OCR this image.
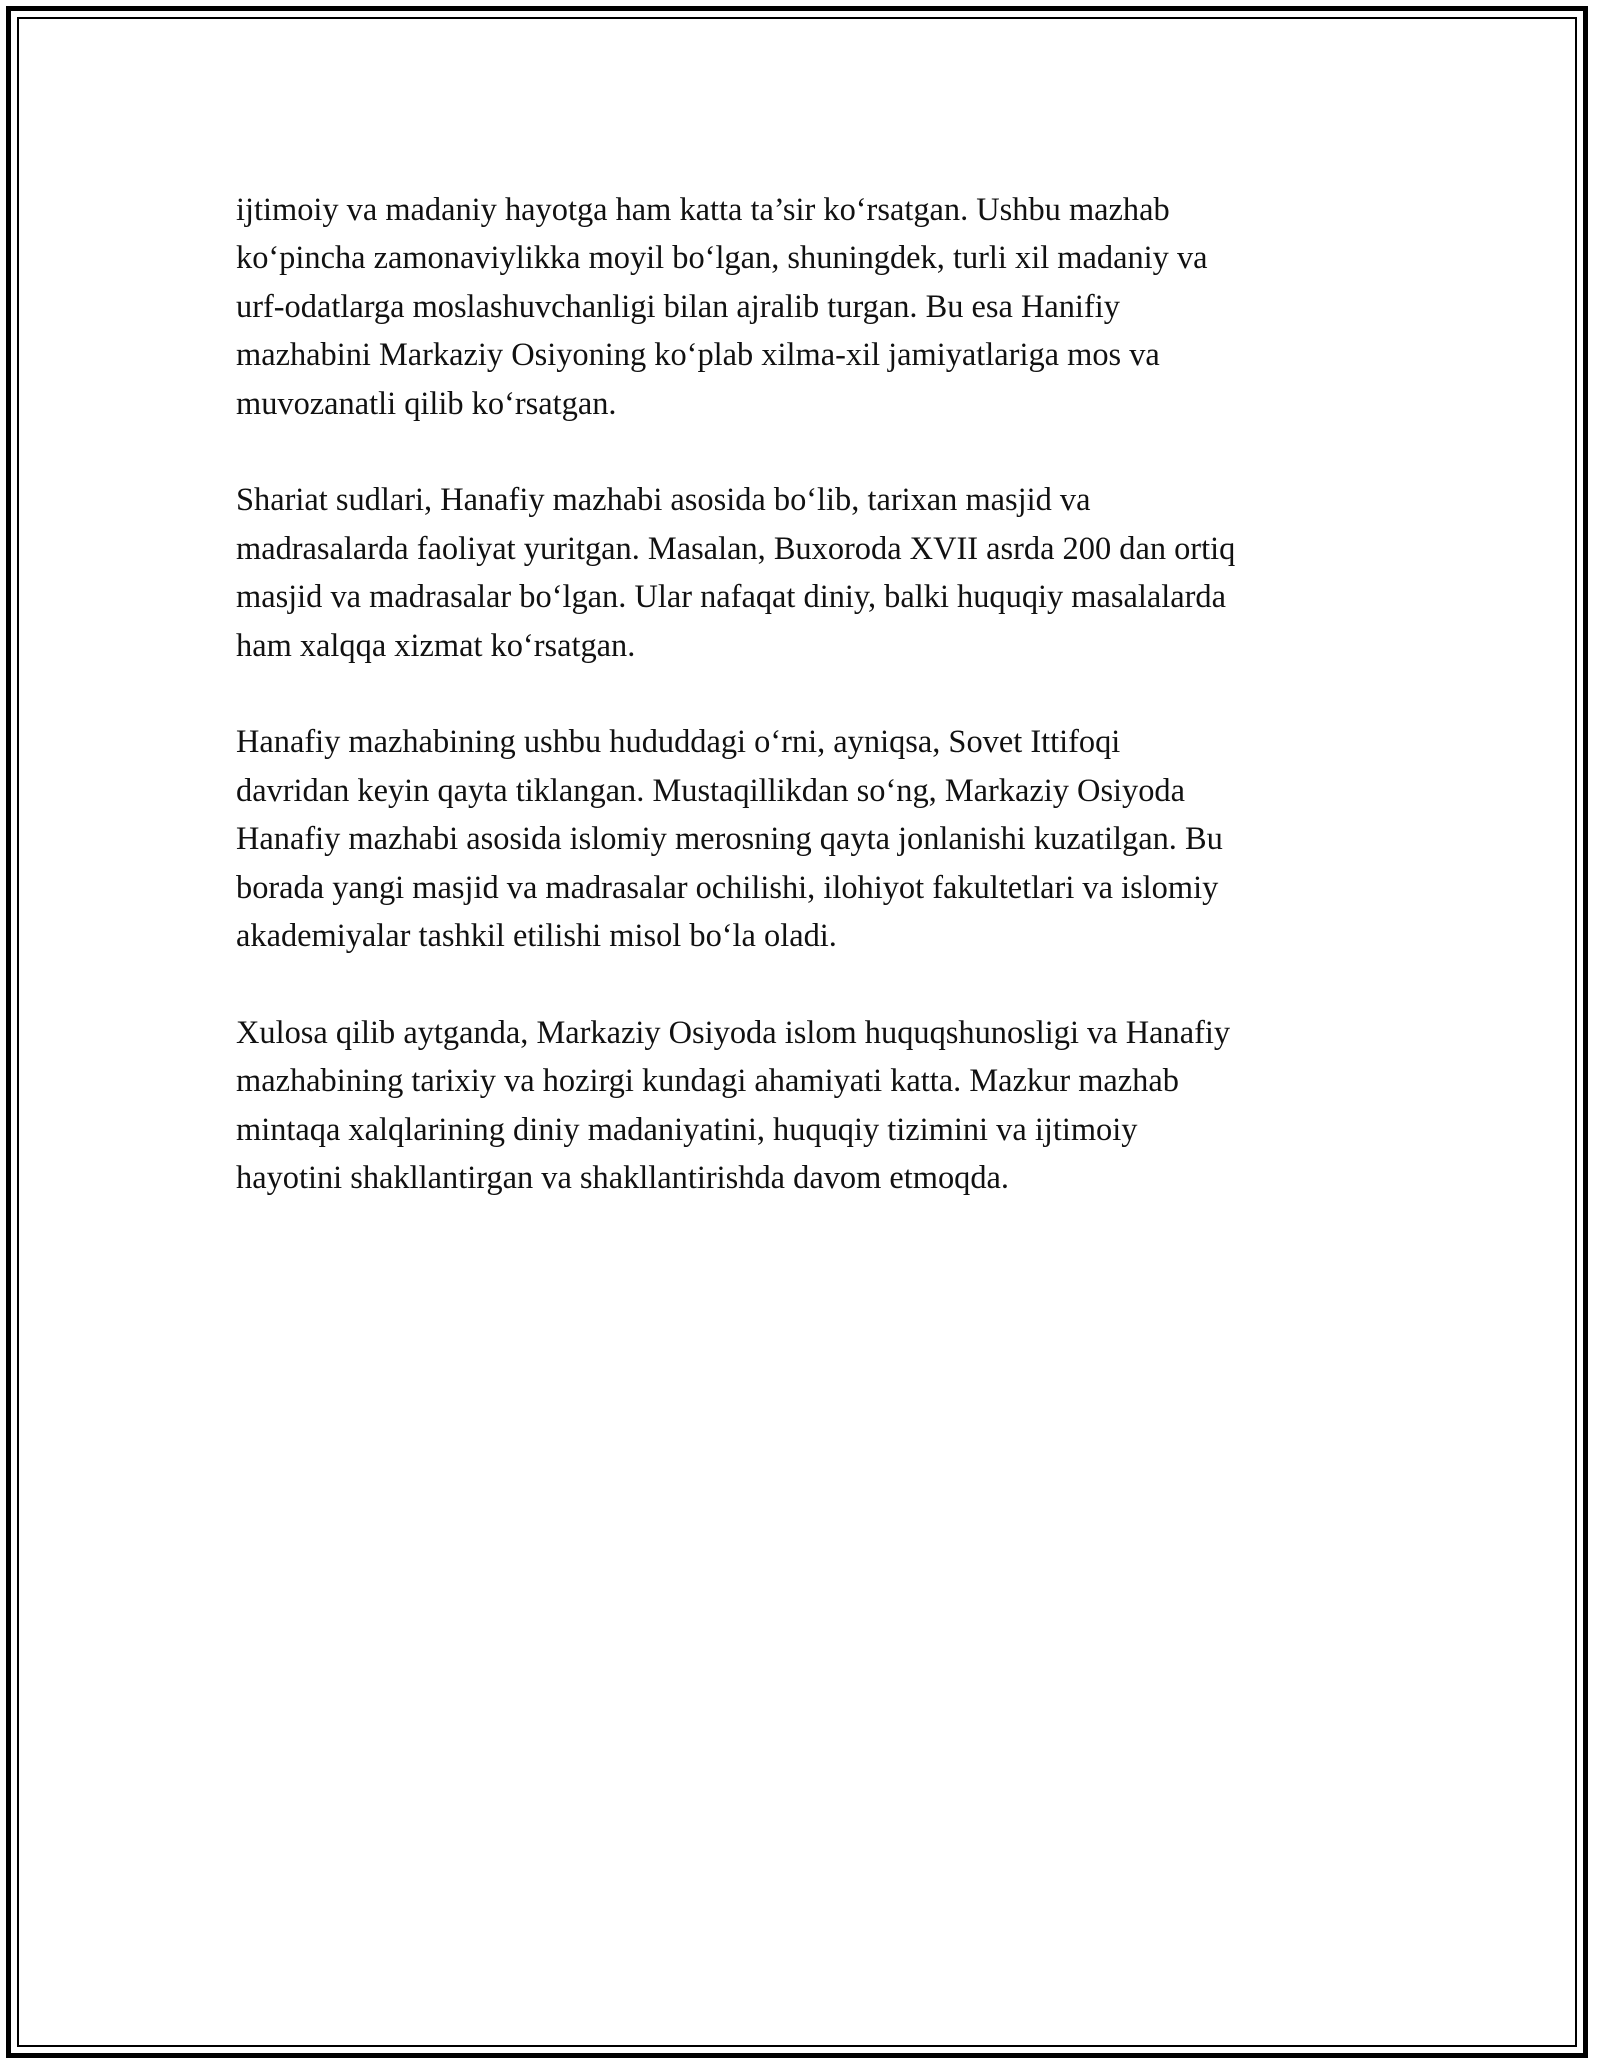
ijtimoiy va madaniy hayotga ham katta ta’sir ko‘rsatgan. Ushbu mazhab
ko‘pincha zamonaviylikka moyil bo‘lgan, shuningdek, turli xil madaniy va
urf-odatlarga moslashuvchanligi bilan ajralib turgan. Bu esa Hanifiy
mazhabini Markaziy Osiyoning ko‘plab xilma-xil jamiyatlariga mos va
muvozanatli qilib ko‘rsatgan.

Shariat sudlari, Hanafiy mazhabi asosida bo‘lib, tarixan masjid va
madrasalarda faoliyat yuritgan. Masalan, Buxoroda XVII asrda 200 dan ortiq
masjid va madrasalar bo‘lgan. Ular nafaqat diniy, balki huquqiy masalalarda
ham xalqqa xizmat ko‘rsatgan.

Hanafiy mazhabining ushbu hududdagi o‘rni, ayniqsa, Sovet Ittifoqi
davridan keyin qayta tiklangan. Mustaqillikdan so‘ng, Markaziy Osiyoda
Hanafiy mazhabi asosida islomiy merosning qayta jonlanishi kuzatilgan. Bu
borada yangi masjid va madrasalar ochilishi, ilohiyot fakultetlari va islomiy
akademiyalar tashkil etilishi misol bo‘la oladi.

Xulosa qilib aytganda, Markaziy Osiyoda islom huquqshunosligi va Hanafiy
mazhabining tarixiy va hozirgi kundagi ahamiyati katta. Mazkur mazhab
mintaqa xalqlarining diniy madaniyatini, huquqiy tizimini va ijtimoiy
hayotini shakllantirgan va shakllantirishda davom etmoqda.
